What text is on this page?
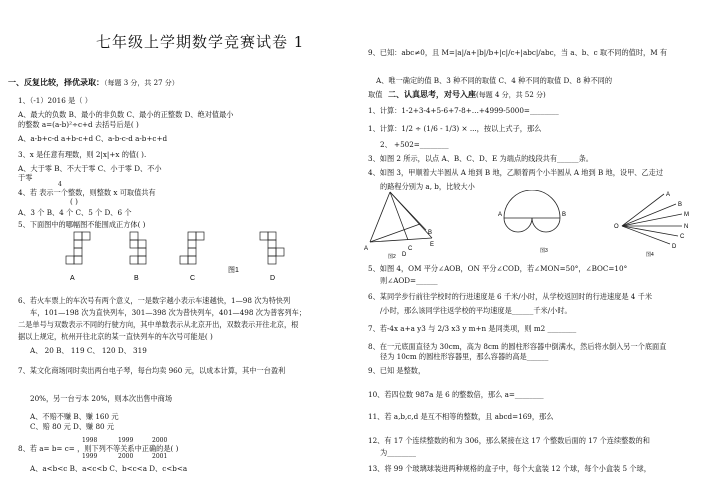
七年级上学期数学竞赛试卷 1
一、反复比较，择优录取：（每题 3 分，共 27 分）
1、（-1）2016 是（ ）
A、最大的负数 B、最小的非负数 C、最小的正整数 D、绝对值最小
的整数 a=(a-b)²÷c+d 去括号后是( )
A、a-b+c-d a+b-c+d C、a-b-c-d a-b+c+d
3、x 是任意有理数，则 2|x|+x 的值( ).
A、大于零 B、不大于零 C、小于零 D、不小
于零
4
4、若 表示一个整数，则整数 x 可取值共有
( )
A、3 个 B、4 个 C、5 个 D、6 个
5、下面图中的哪幅图不能围成正方体( )
A	B	C	D
图1
6、若火车票上的车次号有两个意义，一是数字越小表示车速越快，1—98 次为特快列
车，101—198 次为直快列车，301—398 次为普快列车，401—498 次为普客列车；
二是单号与双数表示不同的行驶方向，其中单数表示从北京开出，双数表示开往北京，根
据以上规定，杭州开往北京的某一直快列车的车次号可能是( )
A、 20 B、 119 C、 120 D、 319
7、某文化商场同时卖出两台电子琴，每台均卖 960 元，以成本计算，其中一台盈利
20%，另一台亏本 20%，则本次出售中商场
A、不赔不赚 B、赚 160 元
C、赔 80 元 D、赚 80 元
1998	1999	2000
8、若 a= b= c= ，则下列不等关系中正确的是( )
1999	2000	2001
A、a<b<c B、a<c<b C、b<c<a D、c<b<a
9、已知：abc≠0，且 M=|a|/a+|b|/b+|c|/c+|abc|/abc，当 a、b、c 取不同的值时，M 有
A、唯一确定的值 B、3 种不同的取值 C、4 种不同的取值 D、8 种不同的
取值 二、认真思考，对号入座(每题 4 分，共 52 分)
1、计算：1-2+3-4+5-6+7-8+…+4999-5000=________
1、计算：1/2 ÷ (1/6 - 1/3) × ...，按以上式子，那么
2、 +502=________
3、如图 2 所示，以点 A、B、C、D、E 为端点的线段共有______条。
4、如图 3，甲顺着大半圆从 A 地到 B 地，乙顺着两个小半圆从 A 地到 B 地，设甲、乙走过
的路程分别为 a, b，比较大小
A
B
C
D
E
图2
A	B
图3
A
B
M
N
C
D
O
图4
5、如图 4，OM 平分∠AOB，ON 平分∠COD，若∠MON=50°，∠BOC=10°
则∠AOD=______
6、某同学步行前往学校时的行进速度是 6 千米/小时，从学校返回时的行进速度是 4 千米
/小时，那么该同学往返学校的平均速度是______千米/小时。
7、若-4x a+a y3 与 2/3 x3 y m+n 是同类项，则 m2 ________
8、在一元底面直径为 30cm，高为 8cm 的圆柱形容器中倒满水，然后将水倒入另一个底面直
径为 10cm 的圆柱形容器里，那么容器的高是______
9、已知 是整数，
10、若四位数 987a 是 6 的整数倍，那么 a=________
11、若 a,b,c,d 是互不相等的整数，且 abcd=169，那么
12、有 17 个连续整数的和为 306，那么紧接在这 17 个整数后面的 17 个连续整数的和
为________
13、将 99 个玻璃球装进两种规格的盒子中，每个大盒装 12 个球，每个小盒装 5 个球，
